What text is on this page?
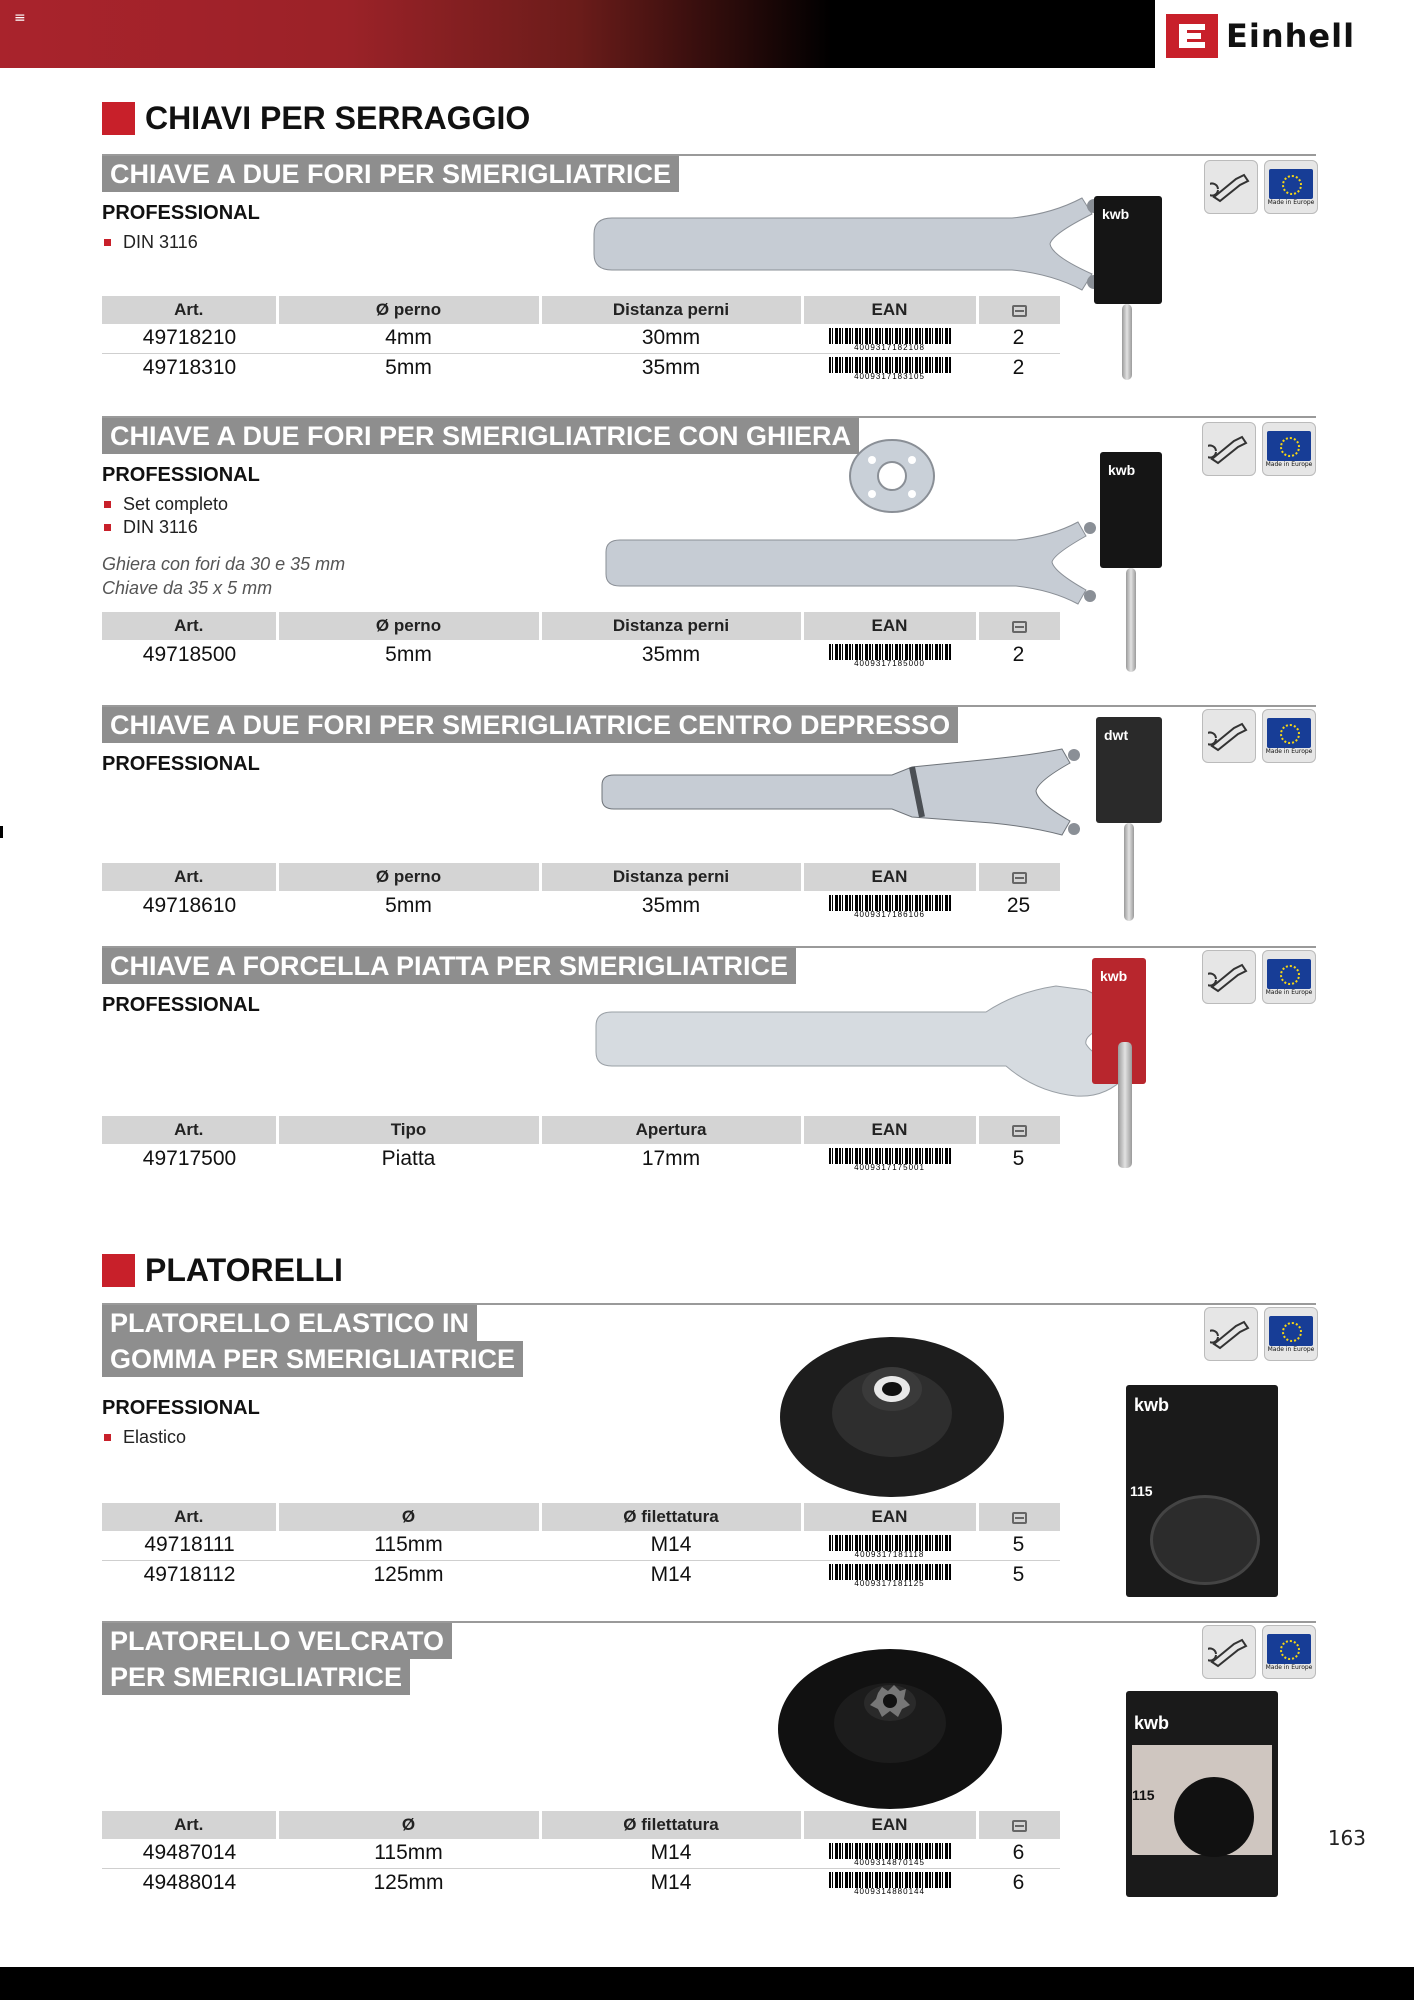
≡	Einhell
CHIAVI PER SERRAGGIO
CHIAVE A DUE FORI PER SMERIGLIATRICE
PROFESSIONAL
DIN 3116
Made in Europe
kwb
Art.	Ø perno	Distanza perni	EAN	
49718210	4mm	30mm	4009317182108	2
49718310	5mm	35mm	4009317183105	2
CHIAVE A DUE FORI PER SMERIGLIATRICE CON GHIERA
PROFESSIONAL
Set completo
DIN 3116
Ghiera con fori da 30 e 35 mm
Chiave da 35 x 5 mm
Made in Europe
kwb
Art.	Ø perno	Distanza perni	EAN	
49718500	5mm	35mm	4009317185000	2
CHIAVE A DUE FORI PER SMERIGLIATRICE CENTRO DEPRESSO
PROFESSIONAL
Made in Europe
dwt
Art.	Ø perno	Distanza perni	EAN	
49718610	5mm	35mm	4009317186106	25
CHIAVE A FORCELLA PIATTA PER SMERIGLIATRICE
PROFESSIONAL
Made in Europe
kwb
Art.	Tipo	Apertura	EAN	
49717500	Piatta	17mm	4009317175001	5
PLATORELLI
PLATORELLO ELASTICO IN
GOMMA PER SMERIGLIATRICE
PROFESSIONAL
Elastico
Made in Europe
kwb
115
Art.	Ø	Ø filettatura	EAN	
49718111	115mm	M14	4009317181118	5
49718112	125mm	M14	4009317181125	5
PLATORELLO VELCRATO
PER SMERIGLIATRICE	Made in Europe
kwb
115
Art.	Ø	Ø filettatura	EAN	
49487014	115mm	M14	4009314870145	6
49488014	125mm	M14	4009314880144	6
163
